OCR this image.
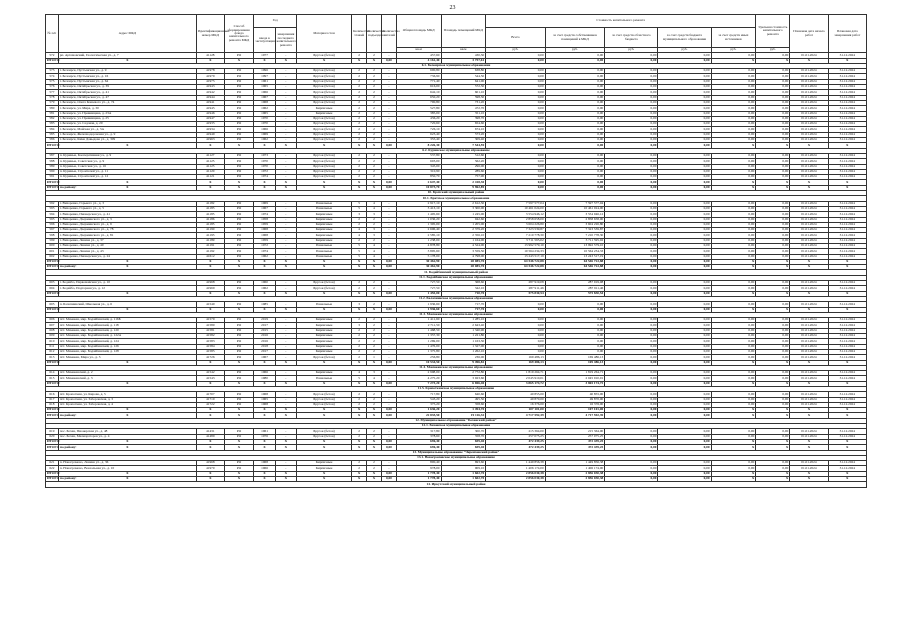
23
№ п/п	Адрес МКД	Идентификационный номер МКД	Способ формирования фонда капитального ремонта МКД	Год		Материал стен	Количество этажей	Количество подъездов	Количество жителей	Общая площадь МКД	Площадь помещений МКД	Стоимость капитального ремонта					Удельная стоимость капитального ремонта	Плановая дата начала работ	Плановая дата завершения работ
				ввода в эксплуатацию	завершения последнего капитального ремонта							Всего	за счет средств собственников помещений в МКД	за счет средств областного бюджета	за счет средств бюджета муниципального образования	за счет средств иных источников			
										кв.м	кв.м	руб.	руб.	руб.	руб.	руб.	руб.		
572	рп. Артемовский, Геологическая ул., д. 7	41128	РО	1977	-	Брусок (бетон)	2	2	-	457,60	430,30	0,00	0,00	0,00	0,00	0,00	0,00	01.01.2024	31.12.2024
ИТОГО:	X	X	X	X	X	X	X	X	0,00	4 161,40	3 757,61	0,00	0,00	0,00	0,00	X	X	X	X
6.1. Белоярское муниципальное образование																			
573	г. Белоярск, Пустынская ул., д. 9	41978	РО	1996	-	Брусок (бетон)	2	2	-	690,80	638,80	0,00	0,00	0,00	0,00	0,00	0,00	01.01.2024	31.12.2024
574	г. Белоярск, Пустынская ул., д. 16	41979	РО	1997	-	Брусок (бетон)	2	2	-	736,90	544,50	0,00	0,00	0,00	0,00	0,00	0,00	01.01.2024	31.12.2024
575	г. Белоярск, Пустынская ул., д. 64	41975	РО	1961	-	Брусок (бетон)	2	2	-	771,40	641,00	0,00	0,00	0,00	0,00	0,00	0,00	01.01.2024	31.12.2024
576	г. Белоярск, Октябрьская ул., д. 39	41943	РО	1965	-	Брусок (бетон)	2	2	-	616,00	572,30	0,00	0,00	0,00	0,00	0,00	0,00	01.01.2024	31.12.2024
577	г. Белоярск, Октябрьская ул., д. 41	41942	РО	1966	-	Брусок (бетон)	2	2	-	642,10	601,10	0,00	0,00	0,00	0,00	0,00	0,00	01.01.2024	31.12.2024
578	г. Белоярск, Октябрьская ул., д. 47	41944	РО	1967	-	Брусок (бетон)	2	2	-	650,20	598,30	0,00	0,00	0,00	0,00	0,00	0,00	01.01.2024	31.12.2024
579	г. Белоярск, Олега Кошевого ул., д. 74	41941	РО	1968	-	Брусок (бетон)	2	2	-	790,80	731,20	0,00	0,00	0,00	0,00	0,00	0,00	01.01.2024	31.12.2024
580	г. Белоярск, ул. Мира, д. 30	41945	РО	1962	-	Кирпичные	2	2	-	527,80	472,70	0,00	0,00	0,00	0,00	0,00	0,00	01.01.2024	31.12.2024
581	г. Белоярск, ул. Правнищева, д. 23А	41946	РО	1965	-	Кирпичные	2	2	-	385,00	351,10	0,00	0,00	0,00	0,00	0,00	0,00	01.01.2024	31.12.2024
582	г. Белоярск, ул. Правнищева, д. 25	41947	РО	1970	-	Брусок (бетон)	2	2	-	436,20	398,70	0,00	0,00	0,00	0,00	0,00	0,00	01.01.2024	31.12.2024
583	г. Белоярск, ул. Садовая, д. 20	41935	РО	1970	-	Брусок (бетон)	2	2	-	720,60	654,60	0,00	0,00	0,00	0,00	0,00	0,00	01.01.2024	31.12.2024
584	г. Белоярск, Майская ул., д. 3А	41934	РО	1966	-	Брусок (бетон)	2	2	-	726,10	674,10	0,00	0,00	0,00	0,00	0,00	0,00	01.01.2024	31.12.2024
585	г. Белоярск, Железнодорожная ул., д. 9	41949	РО	1969	-	Брусок (бетон)	2	2	-	623,40	573,20	0,00	0,00	0,00	0,00	0,00	0,00	01.01.2024	31.12.2024
586	г. Белоярск, Кима Давыдова ул., д. 309	41963	РО	1962	-	Брусок (бетон)	2	2	-	355,40	309,40	0,00	0,00	0,00	0,00	0,00	0,00	01.01.2024	31.12.2024
ИТОГО:	X	X	X	X	X	X	X	X	0,00	8 226,30	7 544,59	0,00	0,00	0,00	0,00	X	X	X	X
6.2. Куринское муниципальное образование																			
587	п. Куриные, Кооперативная ул., д. 9	41127	РО	1973	-	Брусок (бетон)	2	2	-	537,80	512,60	0,00	0,00	0,00	0,00	0,00	0,00	01.01.2024	31.12.2024
588	п. Куриные, Советская ул., д. 9	41125	РО	1970	-	Брусок (бетон)	2	2	-	603,00	562,20	0,00	0,00	0,00	0,00	0,00	0,00	01.01.2024	31.12.2024
589	п. Куриные, Советская ул., д. 16	41123	РО	1970	-	Брусок (бетон)	2	2	-	345,00	296,00	0,00	0,00	0,00	0,00	0,00	0,00	01.01.2024	31.12.2024
590	п. Куриные, Строителей ул., д. 11	41120	РО	1972	-	Брусок (бетон)	2	2	-	310,90	289,60	0,00	0,00	0,00	0,00	0,00	0,00	01.01.2024	31.12.2024
591	п. Куриные, Строителей ул., д. 12	41121	РО	1974	-	Брусок (бетон)	2	2	-	850,70	757,90	0,00	0,00	0,00	0,00	0,00	0,00	01.01.2024	31.12.2024
ИТОГО:	X	X	X	X	X	X	X	X	0,00	2 647,40	2 418,30	0,00	0,00	0,00	0,00	X	X	X	X
ИТОГО по району:	X	X	X	X	X	X	X	X	0,00	10 873,70	9 962,89	0,00	0,00	0,00	0,00	X	X	X	X
10. Братский муниципальный район																			
10.1. Братское муниципальное образование																			
592	г. Вихоревка, Горького ул., д. 3	41182	РО	1969	-	Панельные	5	4	-	2 917,10	2 612,30	7 597 577,04	7 597 577,04	0,00	0,00	0,00	0,00	01.01.2024	31.12.2024
593	г. Вихоревка, Горького ул., д. 5	41183	РО	1967	-	Панельные	5	4	-	3 413,10	3 300,00	10 461 024,00	10 461 024,00	0,00	0,00	0,00	0,00	01.01.2024	31.12.2024
594	г. Вихоревка, Пионерская ул., д. 41	41185	РО	1974	-	Кирпичные	3	3	-	1 405,60	1 245,00	3 554 946,12	3 554 946,12	0,00	0,00	0,00	0,00	01.01.2024	31.12.2024
595	г. Вихоревка, Дзержинского ул., д. 3	41186	РО	1958	-	Кирпичные	2	2	-	1 036,20	942,60	2 858 658,00	2 858 658,00	0,00	0,00	0,00	0,00	01.01.2024	31.12.2024
596	г. Вихоревка, Дзержинского ул., д. 9	41185	РО	1959	-	Кирпичные	2	2	-	1 305,00	1 205,00	3 604 226,80	3 604 226,80	0,00	0,00	0,00	0,00	01.01.2024	31.12.2024
597	г. Вихоревка, Дзержинского ул., д. 78	41190	РО	1968	-	Кирпичные	4	3	-	2 606,40	2 379,20	7 323 539,87	7 323 539,87	0,00	0,00	0,00	0,00	01.01.2024	31.12.2024
598	г. Вихоревка, Дзержинского ул., д. 81	41193	РО	1968	-	Кирпичные	4	3	-	2 585,10	2 356,10	7 210 778,30	7 210 778,30	0,00	0,00	0,00	0,00	01.01.2024	31.12.2024
599	г. Вихоревка, Ленина ул., д. 37	41189	РО	1959	-	Кирпичные	2	2	-	1 238,00	1 164,00	3 711 595,02	3 711 595,02	0,00	0,00	0,00	0,00	01.01.2024	31.12.2024
600	г. Вихоревка, Ленина ул., д. 40	41191	РО	1972	-	Панельные	5	4	-	4 878,80	4 524,00	13 992 579,10	13 992 579,10	0,00	0,00	0,00	0,00	01.01.2024	31.12.2024
601	г. Вихоревка, Ленина ул., д. 43	41192	РО	1974	-	Панельные	5	4	-	3 895,60	3 559,50	10 564 234,33	10 564 234,33	0,00	0,00	0,00	0,00	01.01.2024	31.12.2024
602	г. Вихоревка, Пионерская ул., д. 24	41612	РО	1962	-	Панельные	5	4	-	5 178,00	4 798,00	13 243 517,19	13 243 517,19	0,00	0,00	0,00	0,00	01.01.2024	31.12.2024
ИТОГО:	X	X	X	X	X	X	X	X	0,00	30 462,90	28 085,70	64 546 722,88	64 546 722,88	0,00	0,00	X	X	X	X
ИТОГО по району:	X	X	X	X	X	X	X	X	0,00	30 462,90	28 085,70	64 546 722,88	64 546 722,88	0,00	0,00	X	X	X	X
11. Бодайбинский муниципальный район																			
11.1. Бодайбинское муниципальное образование																			
603	г. Бодайбо, Первомайская ул., д. 10	41968	РО	1960	-	Брусок (бетон)	2	2	-	727,50	368,60	287 919,08	287 919,08	0,00	0,00	0,00	0,00	01.01.2024	31.12.2024
604	г. Бодайбо, Подгорная ул., д. 12	41969	РО	1962	-	Брусок (бетон)	2	2	-	727,50	342,10	287 911,46	287 911,46	0,00	0,00	0,00	0,00	01.01.2024	31.12.2024
ИТОГО:	X	X	X	X	X	X	X	X	0,00	1 455,00	710,70	575 830,54	575 830,54	0,00	0,00	X	X	X	X
11.2. Балахнинское муниципальное образование																			
605	п. Балахнинский, Школьная ул., д. 6	41540	РО	1985	-	Панельные	3	2	-	1 936,60	717,70	0,00	0,00	0,00	0,00	0,00	0,00	01.01.2024	31.12.2024
ИТОГО:	X	X	X	X	X	X	X	X	0,00	1 936,60	717,70	0,00	0,00	0,00	0,00	X	X	X	X
11.3. Мамаканское муниципальное образование																			
606	пгт. Мамакан, мкр. Бодайбинский, д. 116Б	41579	РО	2019	-	Кирпичные	2	2	-	1 411,60	1 285,10	0,00	0,00	0,00	0,00	0,00	0,00	01.01.2024	31.12.2024
607	пгт. Мамакан, мкр. Бодайбинский, д. 118	41580	РО	2017	-	Кирпичные	3	2	-	2 711,50	2 643,40	0,00	0,00	0,00	0,00	0,00	0,00	01.01.2024	31.12.2024
608	пгт. Мамакан, мкр. Бодайбинский, д. 120	41581	РО	2015	-	Кирпичные	2	2	-	1 468,50	1 340,90	0,00	0,00	0,00	0,00	0,00	0,00	01.01.2024	31.12.2024
609	пгт. Мамакан, мкр. Бодайбинский, д. 122А	41582	РО	2016	-	Кирпичные	2	2	-	1 357,30	1 221,80	0,00	0,00	0,00	0,00	0,00	0,00	01.01.2024	31.12.2024
610	пгт. Мамакан, мкр. Бодайбинский, д. 124	41583	РО	2016	-	Кирпичные	2	2	-	1 269,00	1 163,30	0,00	0,00	0,00	0,00	0,00	0,00	01.01.2024	31.12.2024
611	пгт. Мамакан, мкр. Бодайбинский, д. 126	41584	РО	2018	-	Кирпичные	2	2	-	1 476,00	1 327,00	0,00	0,00	0,00	0,00	0,00	0,00	01.01.2024	31.12.2024
612	пгт. Мамакан, мкр. Бодайбинский, д. 128	41585	РО	2017	-	Кирпичные	2	2	-	1 375,80	1 262,10	0,00	0,00	0,00	0,00	0,00	0,00	01.01.2024	31.12.2024
613	пгт. Мамакан, Мира ул., д. 3	41726	РО	1967	-	Брусок (бетон)	2	1	-	256,80	236,00	169 486,13	169 486,13	0,00	0,00	0,00	0,00	01.01.2024	31.12.2024
ИТОГО:	X	X	X	X	X	X	X	X	0,00	10 534,50	9 496,82	169 486,13	169 486,13	0,00	0,00	X	X	X	X
11.4. Мамаканское муниципальное образование																			
614	пгт. Мамаканский, д. 2	41542	РО	1966	-	Кирпичные	4	3	-	2 998,00	2 772,80	1 819 264,71	1 819 264,71	0,00	0,00	0,00	0,00	01.01.2024	31.12.2024
615	пгт. Мамаканский, д. 3	41543	РО	1980	-	Панельные	5	4	-	4 275,20	3 923,60	2 045 910,01	2 045 910,01	0,00	0,00	0,00	0,00	01.01.2024	31.12.2024
ИТОГО:	X	X	X	X	X	X	X	X	0,00	7 273,20	6 696,40	3 865 174,72	3 865 174,72	0,00	0,00	X	X	X	X
11.5. Кропоткинское муниципальное образование																			
616	пгт. Кропоткин, ул. Кирова, д. 5	41707	РО	1968	-	Брусок (бетон)	2	2	-	717,80	640,60	40 855,00	40 855,00	0,00	0,00	0,00	0,00	01.01.2024	31.12.2024
617	пгт. Кропоткин, ул. Заборовская, д. 3	41710	РО	1965	-	Брусок (бетон)	2	2	-	543,20	495,50	49 870,00	49 870,00	0,00	0,00	0,00	0,00	01.01.2024	31.12.2024
618	пгт. Кропоткин, ул. Заборовская, д. 4	41722	РО	1968	-	Брусок (бетон)	2	2	-	375,20	358,60	16 376,00	16 376,00	0,00	0,00	0,00	0,00	01.01.2024	31.12.2024
ИТОГО:	X	X	X	X	X	X	X	X	0,00	1 636,20	1 494,70	107 101,00	107 101,00	0,00	0,00	X	X	X	X
ИТОГО по району:	X	X	X	X	X	X	X	X	0,00	22 835,50	19 116,32	4 717 592,39	4 717 592,39	0,00	0,00	X	X	X	X
12. Муниципальное образование "Боханский район"																			
12.1. Боханское муниципальное образование																			
619	пос. Бохан, Пионерская ул., д. 48	41431	РО	1961	-	Брусок (бетон)	2	2	-	317,80	300,70	215 364,00	215 364,00	0,00	0,00	0,00	0,00	01.01.2024	31.12.2024
620	пос. Бохан, Мелиораторов ул., д. 4	41489	РО	1976	-	Брусок (бетон)	2	2	-	378,60	358,70	257 075,25	257 075,25	0,00	0,00	0,00	0,00	01.01.2024	31.12.2024
ИТОГО:	X	X	X	X	X	X	X	X	0,00	696,40	659,40	472 439,25	472 439,25	0,00	0,00	X	X	X	X
ИТОГО по району:	X	X	X	X	X	X	X	X	0,00	696,40	659,40	472 439,25	472 439,25	0,00	0,00	X	X	X	X
13. Муниципальное образование "Черемховский район"																			
13.1. Новогромовское муниципальное образование																			
621	п. Новогромово, Ленина ул., д. 36	41968	РО	1968	-	Кирпичные	2	2	-	800,40	693,60	1 449 856,38	1 449 856,38	0,00	0,00	0,00	0,00	01.01.2024	31.12.2024
622	п. Новогромово, Вокзальная ул., д. 10	41970	РО	1966	-	Кирпичные	2	2	-	978,00	909,10	1 406 174,00	1 406 174,00	0,00	0,00	0,00	0,00	01.01.2024	31.12.2024
ИТОГО:	X	X	X	X	X	X	X	X	0,00	1 778,40	1 602,70	2 856 030,38	2 856 030,38	0,00	0,00	X	X	X	X
ИТОГО по району:	X	X	X	X	X	X	X	X	0,00	1 778,40	1 602,70	2 856 030,38	2 856 030,38	0,00	0,00	X	X	X	X
14. Иркутский муниципальный район																			
